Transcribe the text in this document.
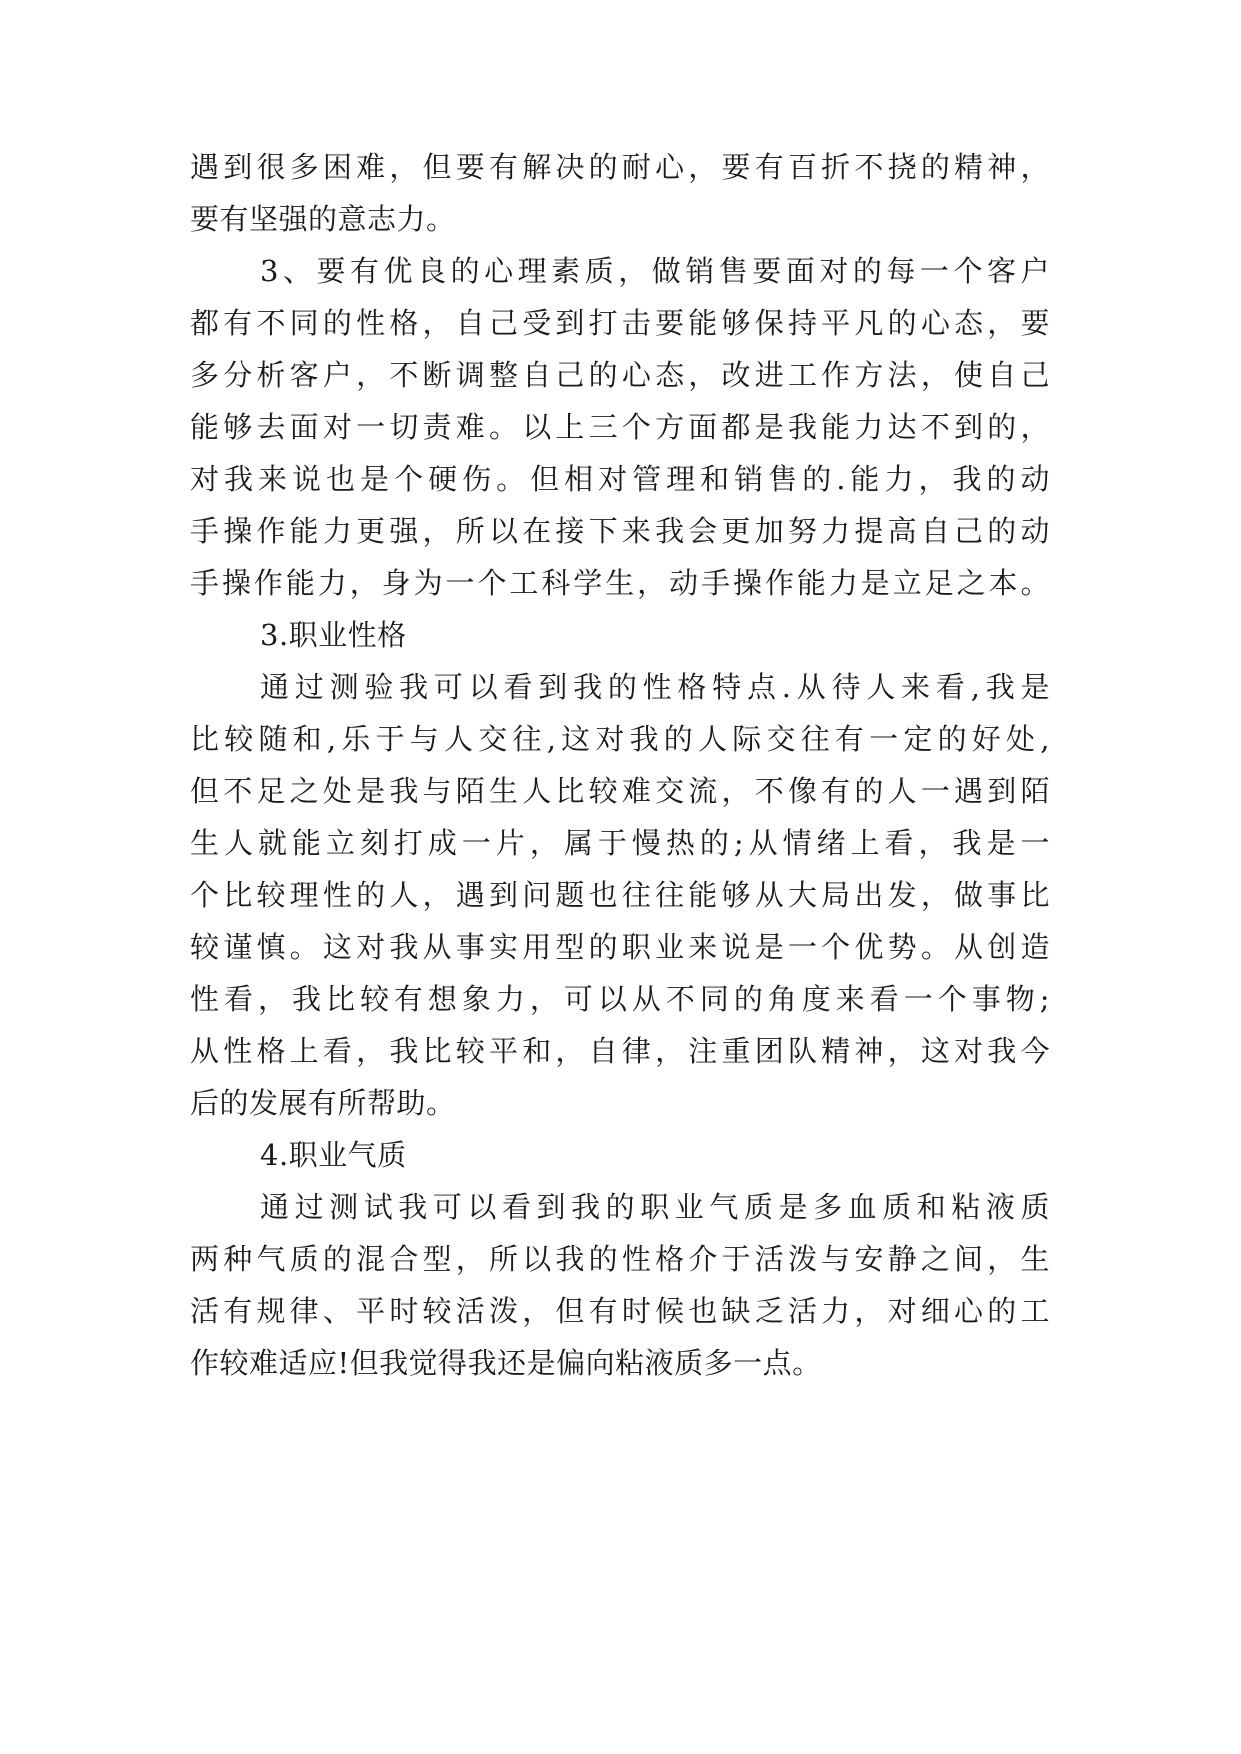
遇到很多困难，但要有解决的耐心，要有百折不挠的精神，
要有坚强的意志力。
3、要有优良的心理素质，做销售要面对的每一个客户
都有不同的性格，自己受到打击要能够保持平凡的心态，要
多分析客户，不断调整自己的心态，改进工作方法，使自己
能够去面对一切责难。以上三个方面都是我能力达不到的，
对我来说也是个硬伤。但相对管理和销售的.能力，我的动
手操作能力更强，所以在接下来我会更加努力提高自己的动
手操作能力，身为一个工科学生，动手操作能力是立足之本。
3.职业性格
通过测验我可以看到我的性格特点.从待人来看,我是
比较随和,乐于与人交往,这对我的人际交往有一定的好处,
但不足之处是我与陌生人比较难交流，不像有的人一遇到陌
生人就能立刻打成一片，属于慢热的;从情绪上看，我是一
个比较理性的人，遇到问题也往往能够从大局出发，做事比
较谨慎。这对我从事实用型的职业来说是一个优势。从创造
性看，我比较有想象力，可以从不同的角度来看一个事物;
从性格上看，我比较平和，自律，注重团队精神，这对我今
后的发展有所帮助。
4.职业气质
通过测试我可以看到我的职业气质是多血质和粘液质
两种气质的混合型，所以我的性格介于活泼与安静之间，生
活有规律、平时较活泼，但有时候也缺乏活力，对细心的工
作较难适应!但我觉得我还是偏向粘液质多一点。
